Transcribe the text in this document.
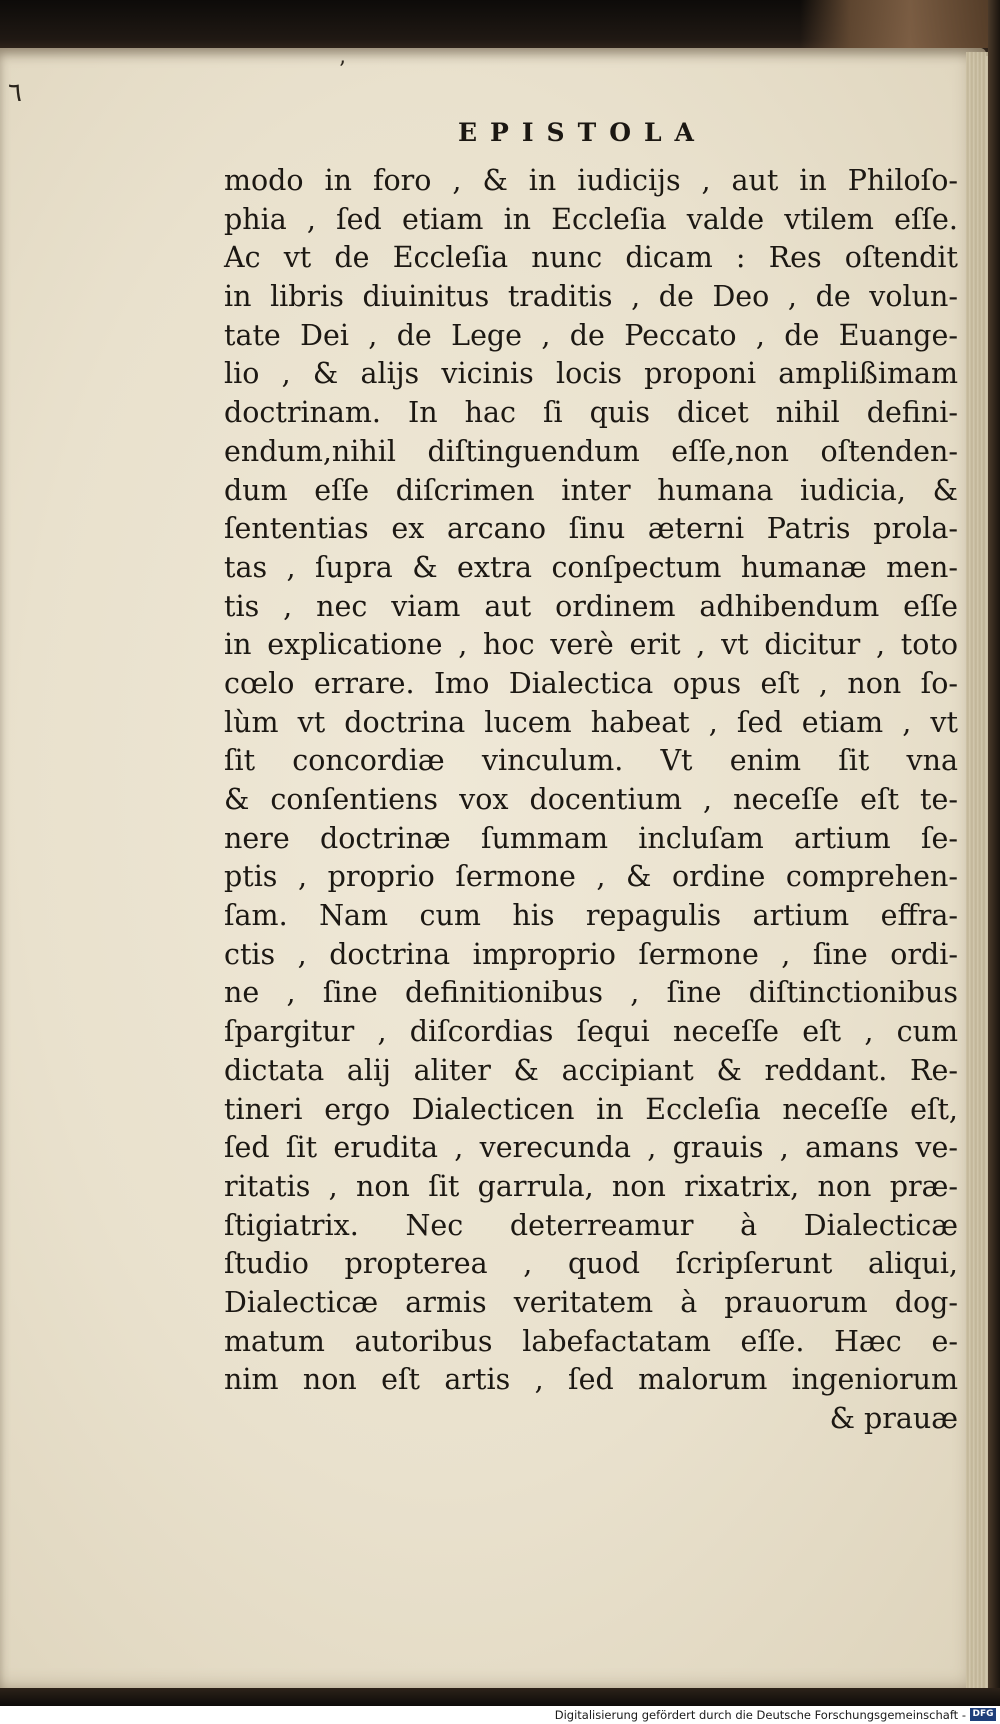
٦
ʼ
EPISTOLA
modo in foro , & in iudicijs , aut in Philoſo-
phia , ſed etiam in Eccleſia valde vtilem eſſe.
Ac vt de Eccleſia nunc dicam : Res oſtendit
in libris diuinitus traditis , de Deo , de volun-
tate Dei , de Lege , de Peccato , de Euange-
lio , & alijs vicinis locis proponi amplißimam
doctrinam. In hac ſi quis dicet nihil defini-
endum,nihil diſtinguendum eſſe,non oſtenden-
dum eſſe diſcrimen inter humana iudicia, &
ſententias ex arcano ſinu æterni Patris prola-
tas , ſupra & extra conſpectum humanæ men-
tis , nec viam aut ordinem adhibendum eſſe
in explicatione , hoc verè erit , vt dicitur , toto
cœlo errare. Imo Dialectica opus eſt , non ſo-
lùm vt doctrina lucem habeat , ſed etiam , vt
ſit concordiæ vinculum. Vt enim ſit vna
& conſentiens vox docentium , neceſſe eſt te-
nere doctrinæ ſummam incluſam artium ſe-
ptis , proprio ſermone , & ordine comprehen-
ſam. Nam cum his repagulis artium effra-
ctis , doctrina improprio ſermone , ſine ordi-
ne , ſine definitionibus , ſine diſtinctionibus
ſpargitur , diſcordias ſequi neceſſe eſt , cum
dictata alij aliter & accipiant & reddant. Re-
tineri ergo Dialecticen in Eccleſia neceſſe eſt,
ſed ſit erudita , verecunda , grauis , amans ve-
ritatis , non ſit garrula, non rixatrix, non præ-
ſtigiatrix. Nec deterreamur à Dialecticæ
ſtudio propterea , quod ſcripſerunt aliqui,
Dialecticæ armis veritatem à prauorum dog-
matum autoribus labefactatam eſſe. Hæc e-
nim non eſt artis , ſed malorum ingeniorum
& prauæ
Digitalisierung gefördert durch die Deutsche Forschungsgemeinschaft - DFG
